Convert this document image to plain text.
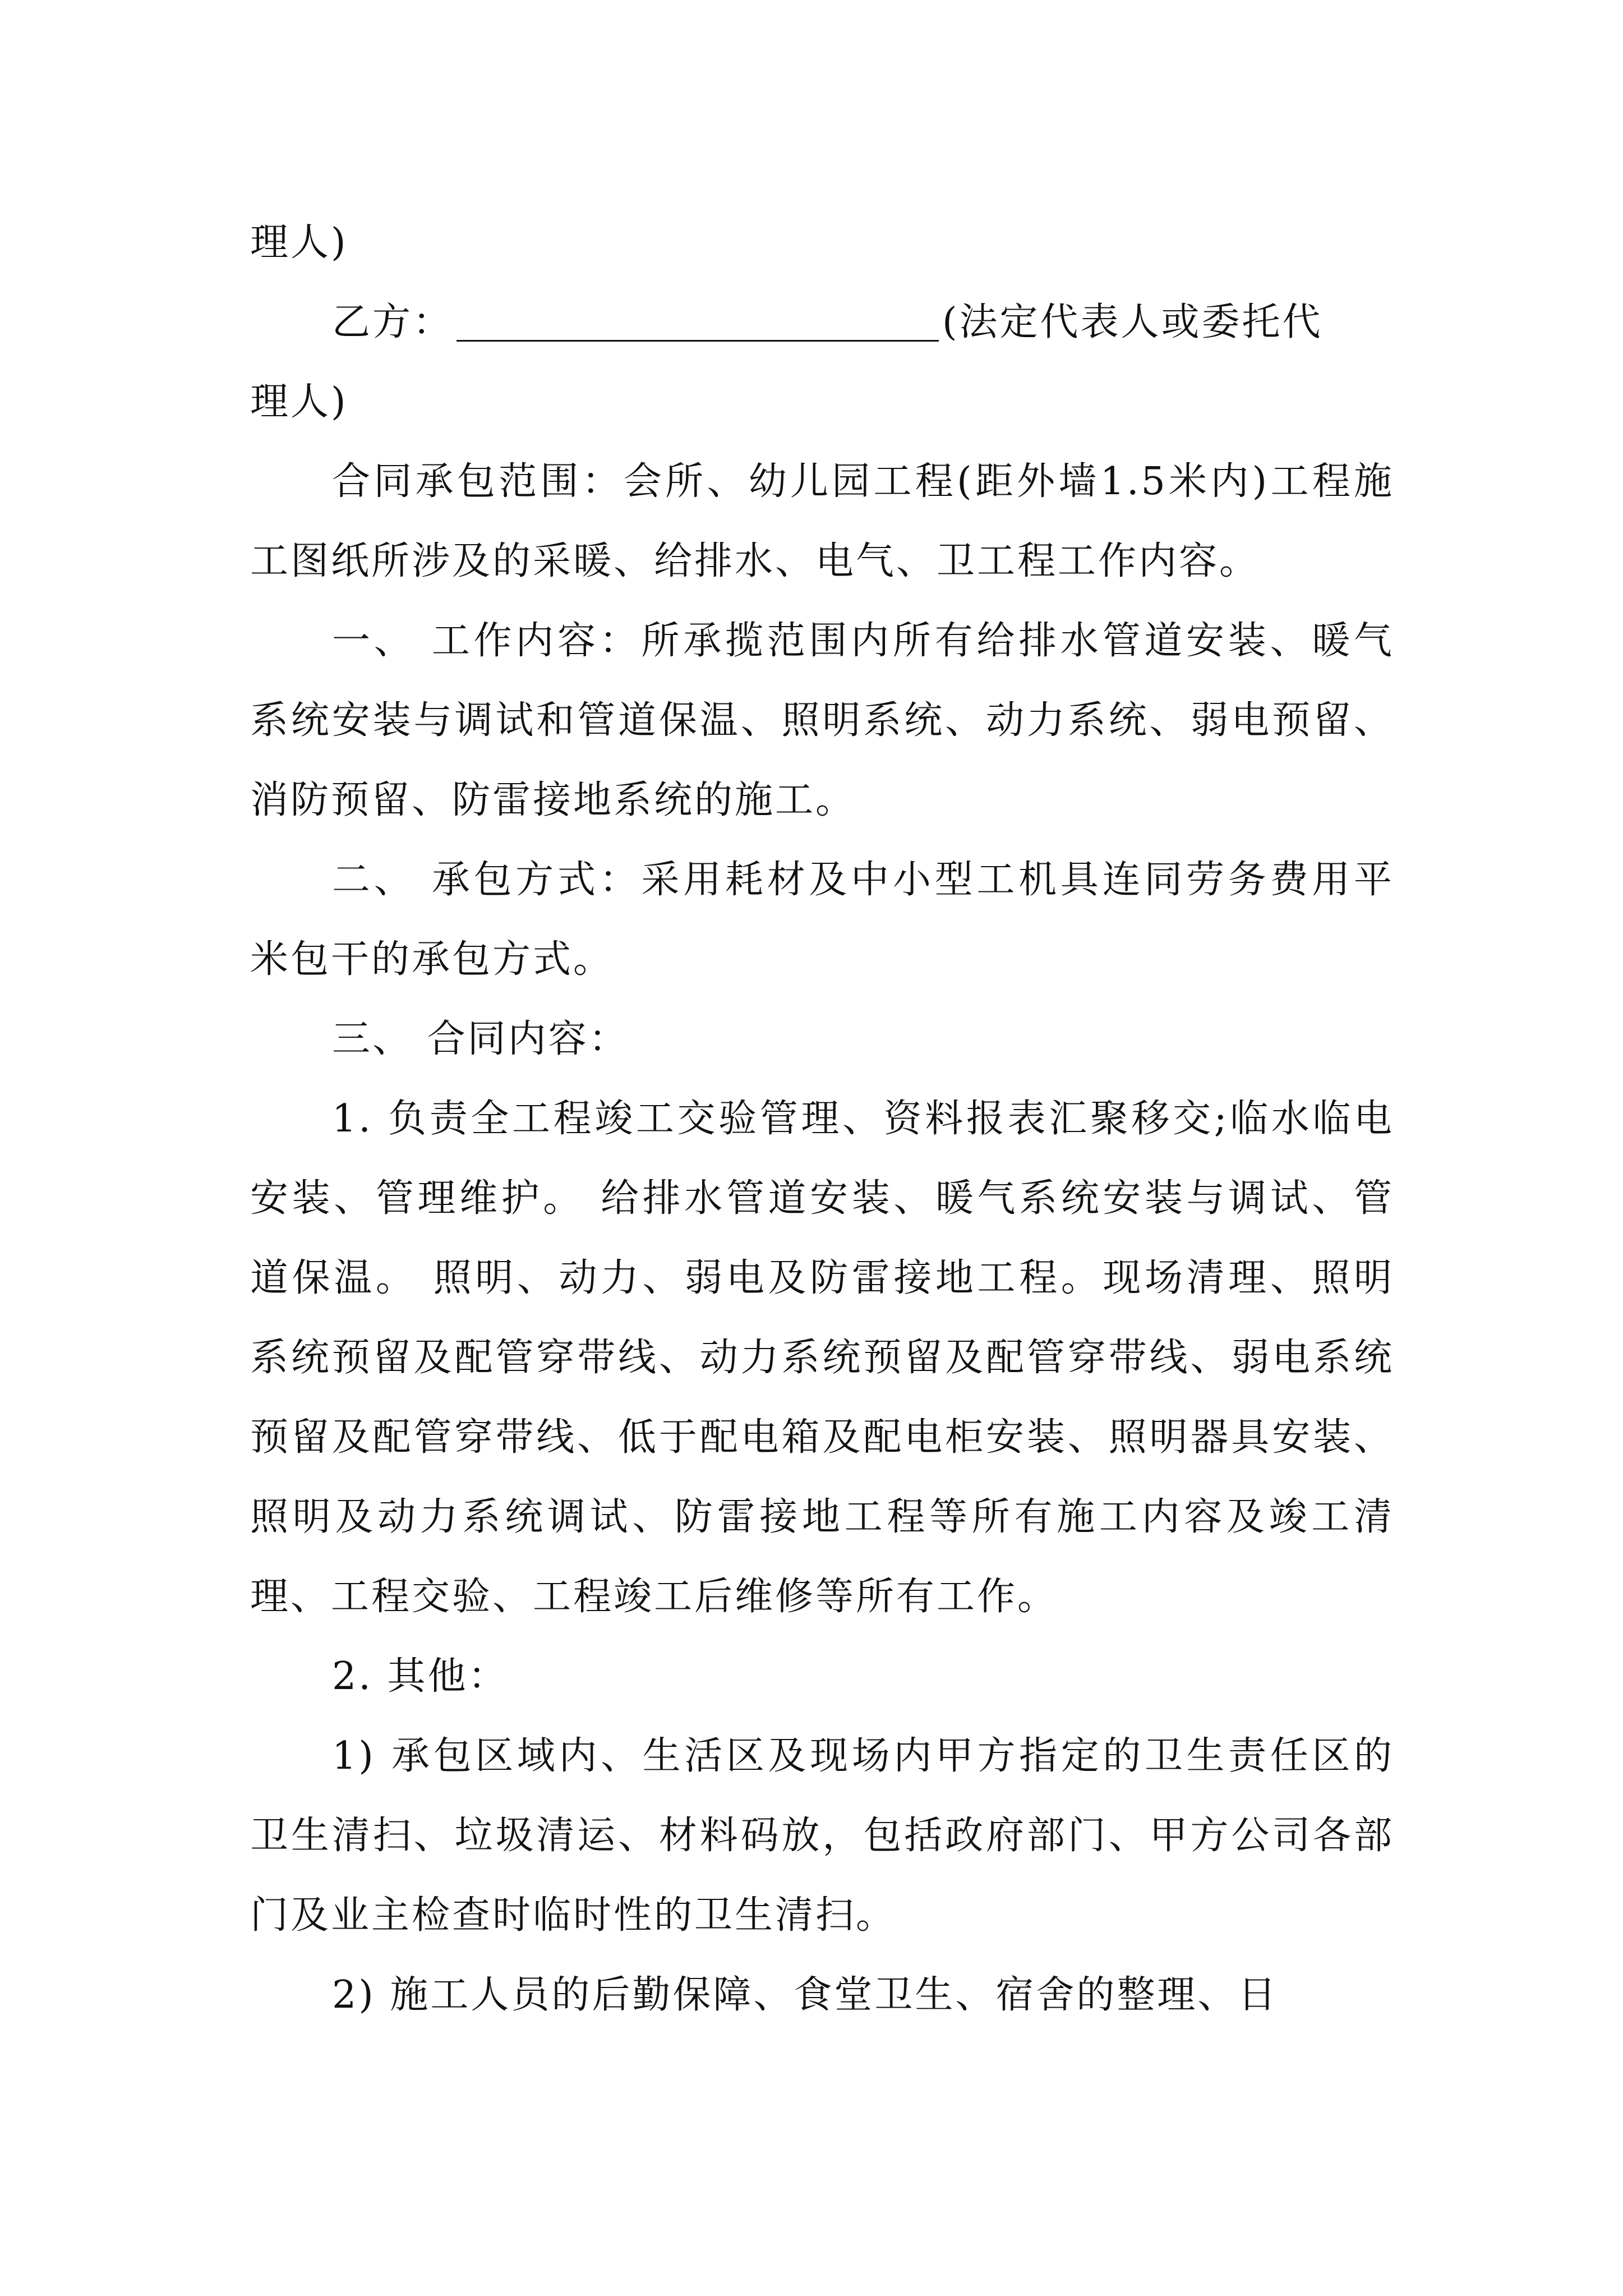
理人)

乙方：	(法定代表人或委托代

理人)

合同承包范围：会所、幼儿园工程(距外墙1.5米内)工程施工图纸所涉及的采暖、给排水、电气、卫工程工作内容。

一、 工作内容：所承揽范围内所有给排水管道安装、暖气系统安装与调试和管道保温、照明系统、动力系统、弱电预留、消防预留、防雷接地系统的施工。

二、 承包方式：采用耗材及中小型工机具连同劳务费用平米包干的承包方式。

三、 合同内容：

1. 负责全工程竣工交验管理、资料报表汇聚移交;临水临电安装、管理维护。 给排水管道安装、暖气系统安装与调试、管道保温。 照明、动力、弱电及防雷接地工程。现场清理、照明系统预留及配管穿带线、动力系统预留及配管穿带线、弱电系统预留及配管穿带线、低于配电箱及配电柜安装、照明器具安装、照明及动力系统调试、防雷接地工程等所有施工内容及竣工清理、工程交验、工程竣工后维修等所有工作。

2. 其他：

1) 承包区域内、生活区及现场内甲方指定的卫生责任区的卫生清扫、垃圾清运、材料码放，包括政府部门、甲方公司各部门及业主检查时临时性的卫生清扫。

2) 施工人员的后勤保障、食堂卫生、宿舍的整理、日
